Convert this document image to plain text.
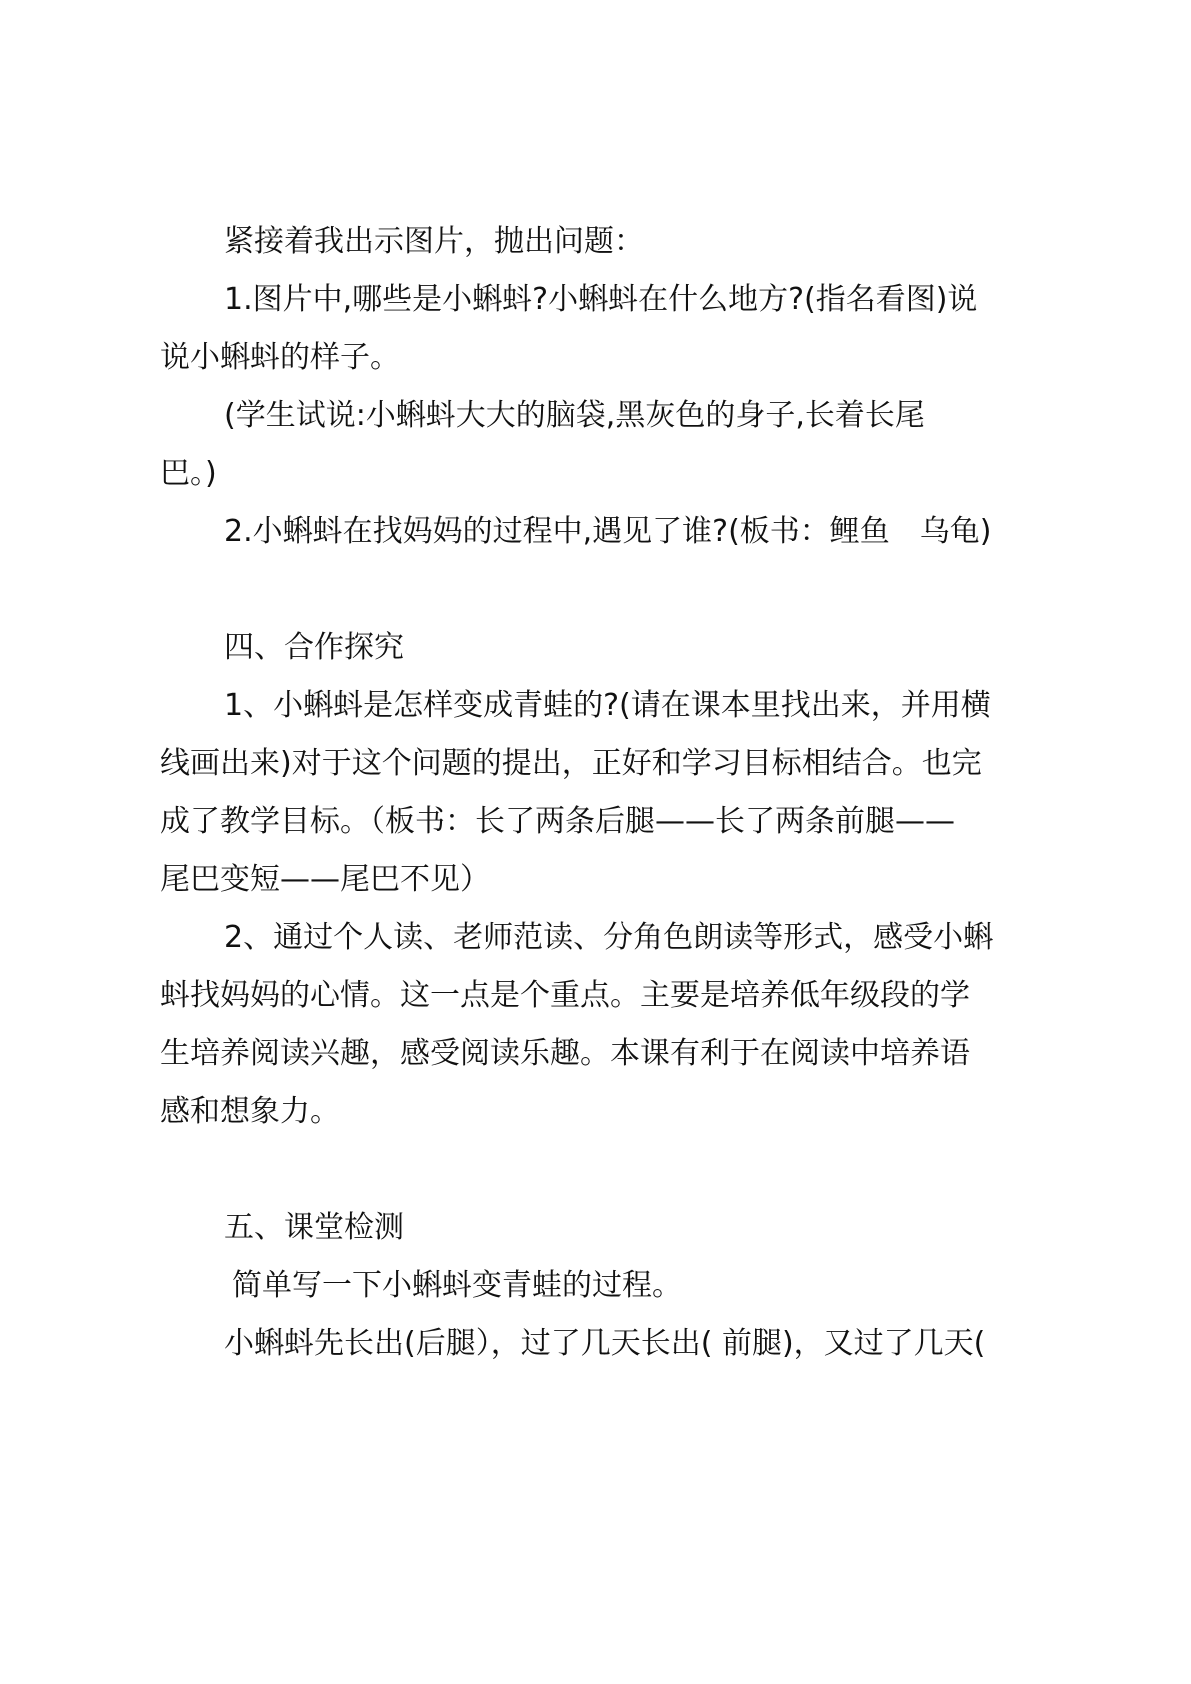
紧接着我出示图片，抛出问题：
1.图片中,哪些是小蝌蚪?小蝌蚪在什么地方?(指名看图)说
说小蝌蚪的样子。
(学生试说:小蝌蚪大大的脑袋,黑灰色的身子,长着长尾
巴。)
2.小蝌蚪在找妈妈的过程中,遇见了谁?(板书：鲤鱼　乌龟)
四、合作探究
1、小蝌蚪是怎样变成青蛙的?(请在课本里找出来，并用横
线画出来)对于这个问题的提出，正好和学习目标相结合。也完
成了教学目标。（板书：长了两条后腿——长了两条前腿——
尾巴变短——尾巴不见）
2、通过个人读、老师范读、分角色朗读等形式，感受小蝌
蚪找妈妈的心情。这一点是个重点。主要是培养低年级段的学
生培养阅读兴趣，感受阅读乐趣。本课有利于在阅读中培养语
感和想象力。
五、课堂检测
简单写一下小蝌蚪变青蛙的过程。
小蝌蚪先长出(后腿），过了几天长出( 前腿)，又过了几天(
